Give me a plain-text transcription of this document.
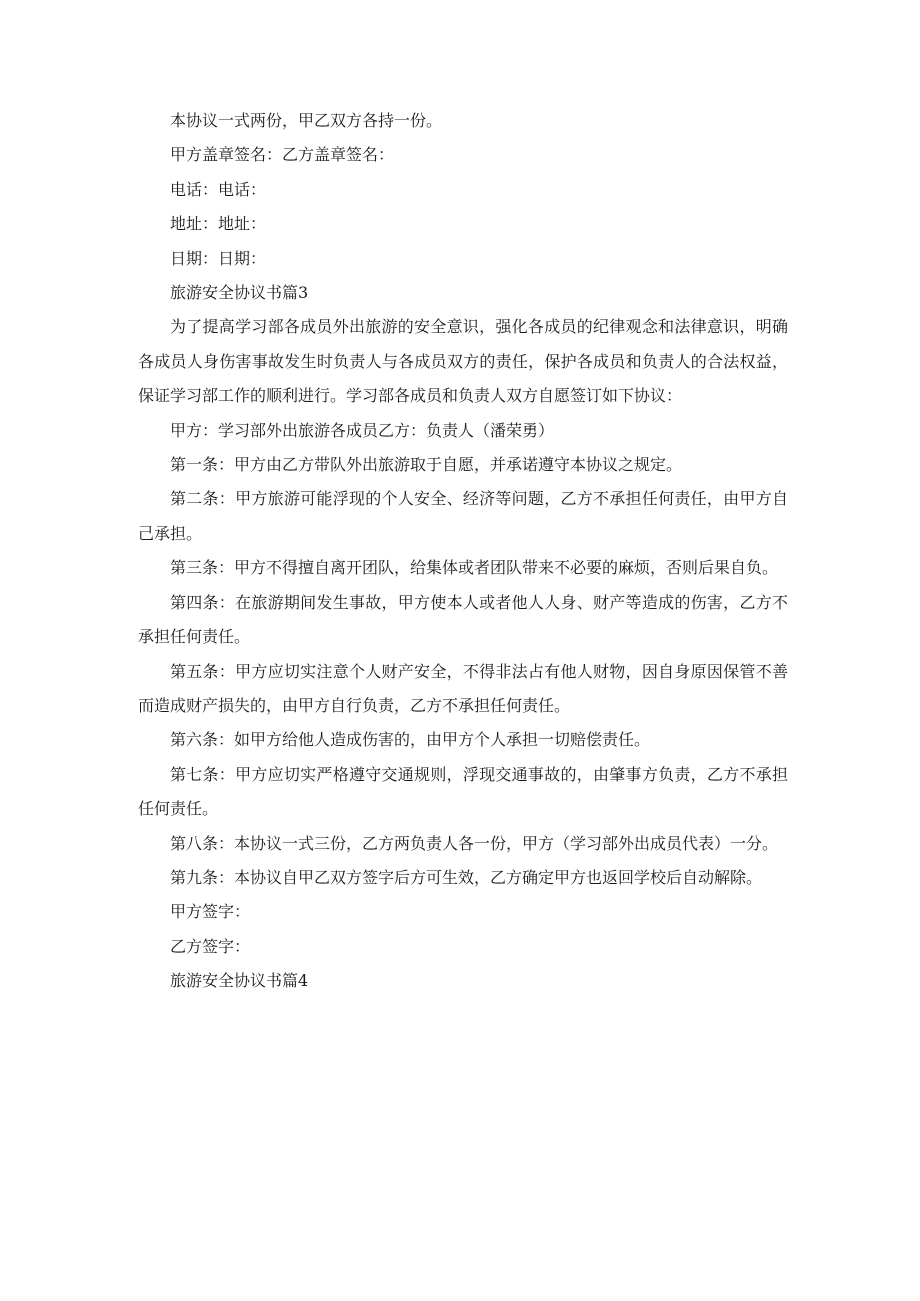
本协议一式两份，甲乙双方各持一份。

甲方盖章签名：乙方盖章签名：

电话：电话：

地址：地址：

日期：日期：

旅游安全协议书篇3

为了提高学习部各成员外出旅游的安全意识，强化各成员的纪律观念和法律意识，明确各成员人身伤害事故发生时负责人与各成员双方的责任，保护各成员和负责人的合法权益，保证学习部工作的顺利进行。学习部各成员和负责人双方自愿签订如下协议：

甲方：学习部外出旅游各成员乙方：负责人（潘荣勇）

第一条：甲方由乙方带队外出旅游取于自愿，并承诺遵守本协议之规定。

第二条：甲方旅游可能浮现的个人安全、经济等问题，乙方不承担任何责任，由甲方自己承担。

第三条：甲方不得擅自离开团队，给集体或者团队带来不必要的麻烦，否则后果自负。

第四条：在旅游期间发生事故，甲方使本人或者他人人身、财产等造成的伤害，乙方不承担任何责任。

第五条：甲方应切实注意个人财产安全，不得非法占有他人财物，因自身原因保管不善而造成财产损失的，由甲方自行负责，乙方不承担任何责任。

第六条：如甲方给他人造成伤害的，由甲方个人承担一切赔偿责任。

第七条：甲方应切实严格遵守交通规则，浮现交通事故的，由肇事方负责，乙方不承担任何责任。

第八条：本协议一式三份，乙方两负责人各一份，甲方（学习部外出成员代表）一分。

第九条：本协议自甲乙双方签字后方可生效，乙方确定甲方也返回学校后自动解除。

甲方签字：

乙方签字：

旅游安全协议书篇4
